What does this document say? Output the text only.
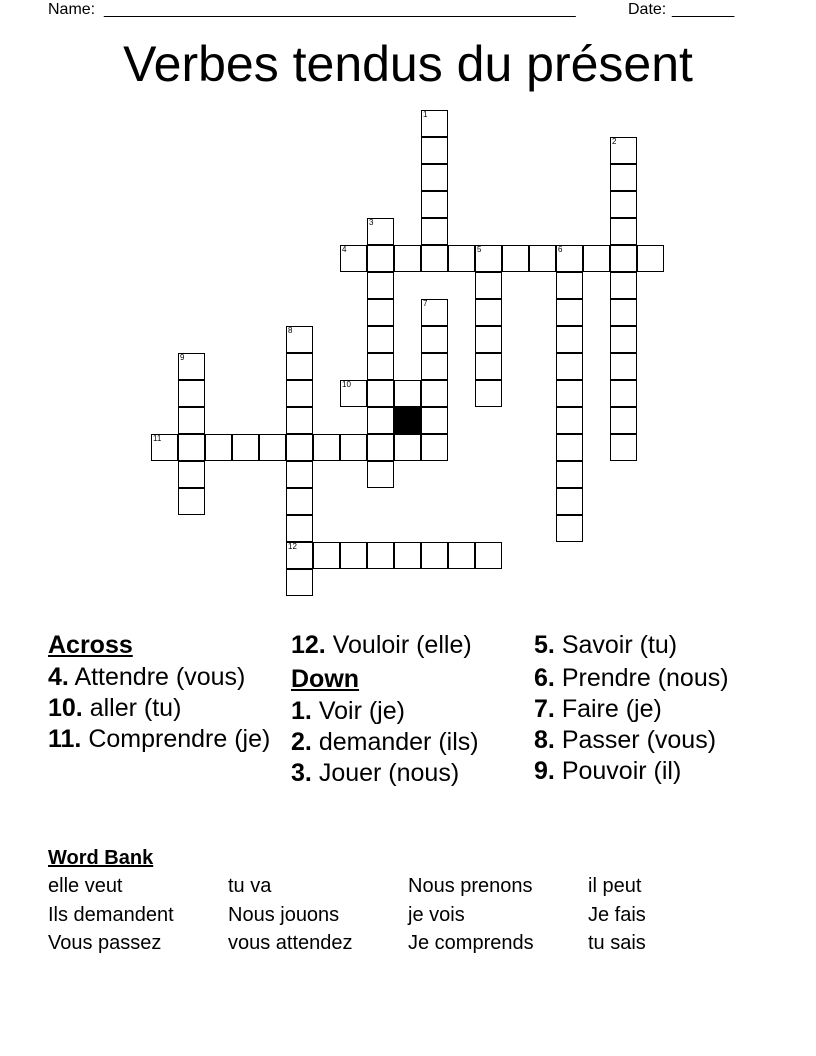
Name: _____________________________________________________	Date: _______
Verbes tendus du présent
1
2
3
4	5	6
7
8
12
9
10
11
Across
4. Attendre (vous)
10. aller (tu)
11. Comprendre (je)
12. Vouloir (elle)
Down
1. Voir (je)
2. demander (ils)
3. Jouer (nous)
5. Savoir (tu)
6. Prendre (nous)
7. Faire (je)
8. Passer (vous)
9. Pouvoir (il)
Word Bank
elle veut	tu va	Nous prenons	il peut
Ils demandent	Nous jouons	je vois	Je fais
Vous passez	vous attendez	Je comprends	tu sais
